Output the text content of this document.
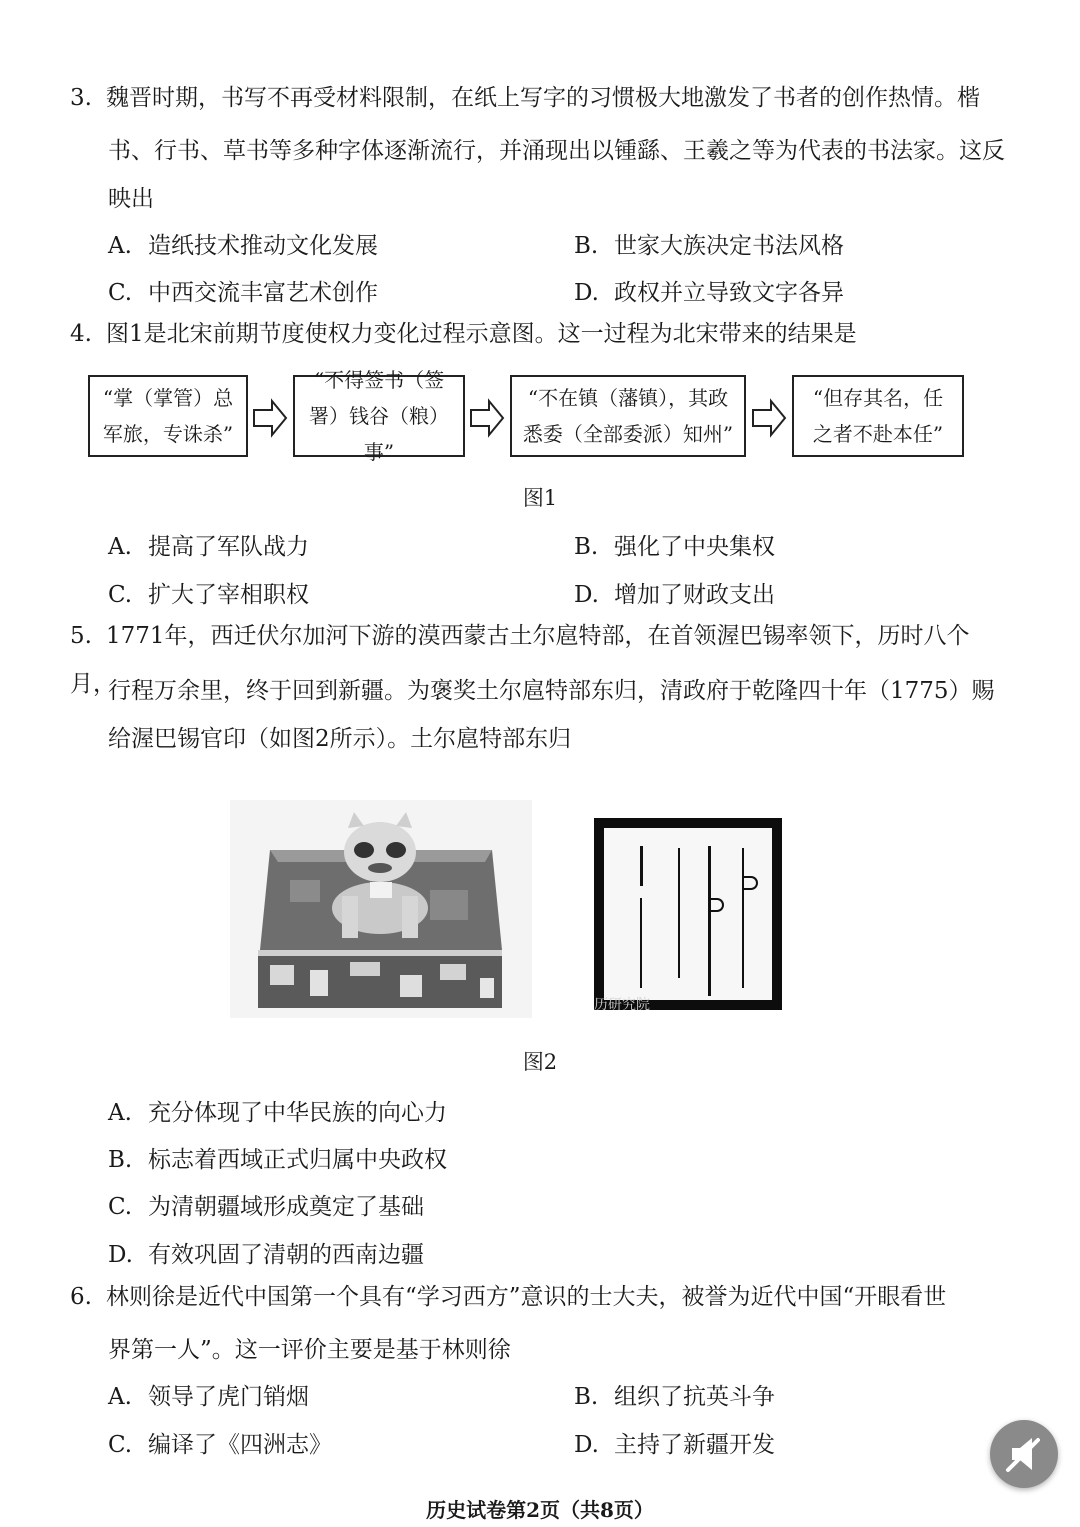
3. 魏晋时期，书写不再受材料限制，在纸上写字的习惯极大地激发了书者的创作热情。楷
书、行书、草书等多种字体逐渐流行，并涌现出以锺繇、王羲之等为代表的书法家。这反
映出
A. 造纸技术推动文化发展	B. 世家大族决定书法风格
C. 中西交流丰富艺术创作	D. 政权并立导致文字各异
4. 图1是北宋前期节度使权力变化过程示意图。这一过程为北宋带来的结果是
“掌（掌管）总
军旅，专诛杀”
“不得签书（签
署）钱谷（粮）事”
“不在镇（藩镇），其政
悉委（全部委派）知州”
“但存其名，任
之者不赴本任”
图1
A. 提高了军队战力	B. 强化了中央集权
C. 扩大了宰相职权	D. 增加了财政支出
5. 1771年，西迁伏尔加河下游的漠西蒙古土尔扈特部，在首领渥巴锡率领下，历时八个月，
行程万余里，终于回到新疆。为褒奖土尔扈特部东归，清政府于乾隆四十年（1775）赐
给渥巴锡官印（如图2所示）。土尔扈特部东归
历研究院
图2
A. 充分体现了中华民族的向心力
B. 标志着西域正式归属中央政权
C. 为清朝疆域形成奠定了基础
D. 有效巩固了清朝的西南边疆
6. 林则徐是近代中国第一个具有“学习西方”意识的士大夫，被誉为近代中国“开眼看世
界第一人”。这一评价主要是基于林则徐
A. 领导了虎门销烟	B. 组织了抗英斗争
C. 编译了《四洲志》	D. 主持了新疆开发
历史试卷第2页（共8页）
